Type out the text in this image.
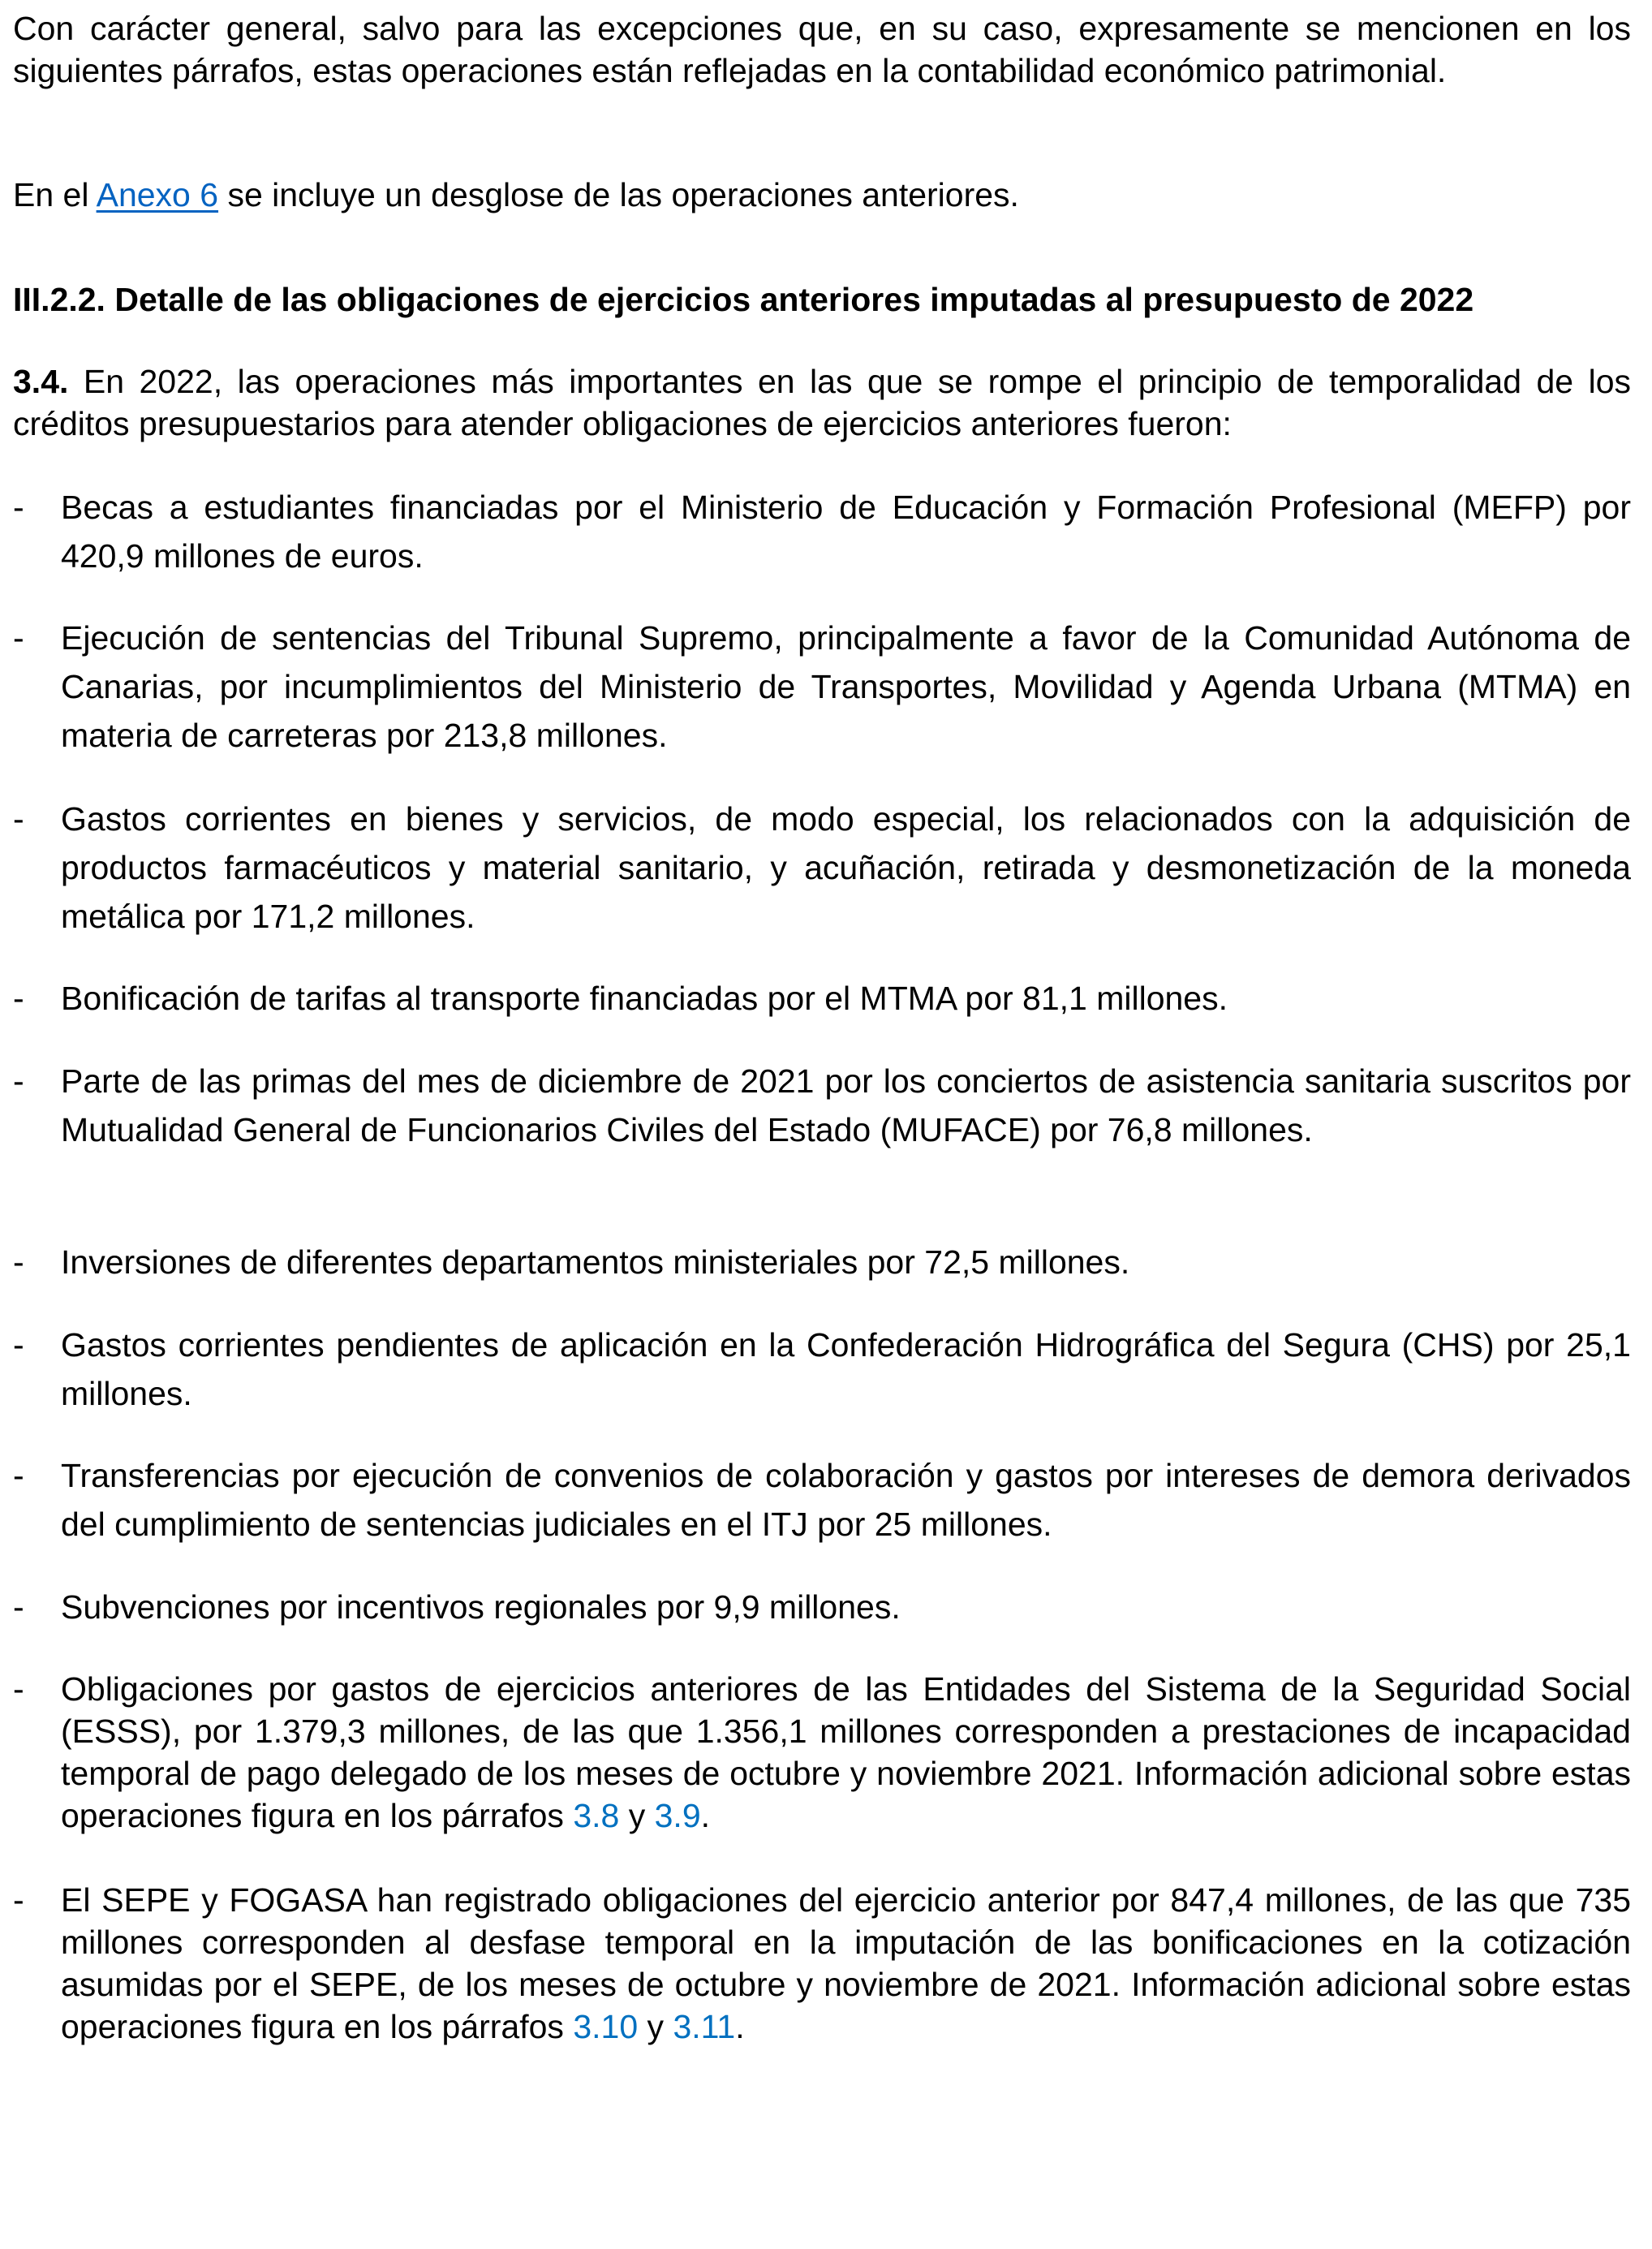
Con carácter general, salvo para las excepciones que, en su caso, expresamente se mencionen en los siguientes párrafos, estas operaciones están reflejadas en la contabilidad económico patrimonial.
En el Anexo 6 se incluye un desglose de las operaciones anteriores.
III.2.2. Detalle de las obligaciones de ejercicios anteriores imputadas al presupuesto de 2022
3.4. En 2022, las operaciones más importantes en las que se rompe el principio de temporalidad de los créditos presupuestarios para atender obligaciones de ejercicios anteriores fueron:
- Becas a estudiantes financiadas por el Ministerio de Educación y Formación Profesional (MEFP) por 420,9 millones de euros.
- Ejecución de sentencias del Tribunal Supremo, principalmente a favor de la Comunidad Autónoma de Canarias, por incumplimientos del Ministerio de Transportes, Movilidad y Agenda Urbana (MTMA) en materia de carreteras por 213,8 millones.
- Gastos corrientes en bienes y servicios, de modo especial, los relacionados con la adquisición de productos farmacéuticos y material sanitario, y acuñación, retirada y desmonetización de la moneda metálica por 171,2 millones.
- Bonificación de tarifas al transporte financiadas por el MTMA por 81,1 millones.
- Parte de las primas del mes de diciembre de 2021 por los conciertos de asistencia sanitaria suscritos por Mutualidad General de Funcionarios Civiles del Estado (MUFACE) por 76,8 millones.
- Inversiones de diferentes departamentos ministeriales por 72,5 millones.
- Gastos corrientes pendientes de aplicación en la Confederación Hidrográfica del Segura (CHS) por 25,1 millones.
- Transferencias por ejecución de convenios de colaboración y gastos por intereses de demora derivados del cumplimiento de sentencias judiciales en el ITJ por 25 millones.
- Subvenciones por incentivos regionales por 9,9 millones.
- Obligaciones por gastos de ejercicios anteriores de las Entidades del Sistema de la Seguridad Social (ESSS), por 1.379,3 millones, de las que 1.356,1 millones corresponden a prestaciones de incapacidad temporal de pago delegado de los meses de octubre y noviembre 2021. Información adicional sobre estas operaciones figura en los párrafos 3.8 y 3.9.
- El SEPE y FOGASA han registrado obligaciones del ejercicio anterior por 847,4 millones, de las que 735 millones corresponden al desfase temporal en la imputación de las bonificaciones en la cotización asumidas por el SEPE, de los meses de octubre y noviembre de 2021. Información adicional sobre estas operaciones figura en los párrafos 3.10 y 3.11.
